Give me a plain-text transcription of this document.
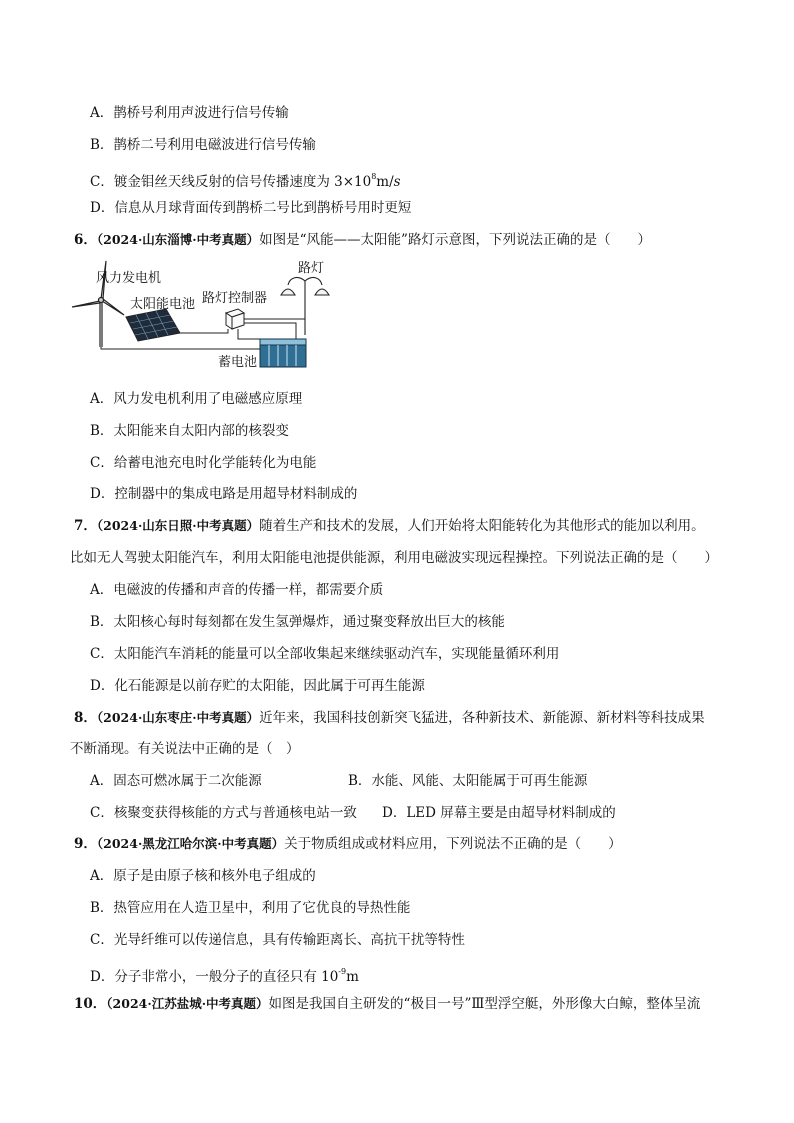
A．鹊桥号利用声波进行信号传输
B．鹊桥二号利用电磁波进行信号传输
C．镀金钼丝天线反射的信号传播速度为 $3\times 10^8m/s$
D．信息从月球背面传到鹊桥二号比到鹊桥号用时更短
6．（2024·山东淄博·中考真题）如图是“风能——太阳能”路灯示意图，下列说法正确的是（　　）
风力发电机
太阳能电池 路灯控制器
路灯
蓄电池
A．风力发电机利用了电磁感应原理
B．太阳能来自太阳内部的核裂变
C．给蓄电池充电时化学能转化为电能
D．控制器中的集成电路是用超导材料制成的
7．（2024·山东日照·中考真题）随着生产和技术的发展，人们开始将太阳能转化为其他形式的能加以利用。
比如无人驾驶太阳能汽车，利用太阳能电池提供能源，利用电磁波实现远程操控。下列说法正确的是（　　）
A．电磁波的传播和声音的传播一样，都需要介质
B．太阳核心每时每刻都在发生氢弹爆炸，通过聚变释放出巨大的核能
C．太阳能汽车消耗的能量可以全部收集起来继续驱动汽车，实现能量循环利用
D．化石能源是以前存贮的太阳能，因此属于可再生能源
8．（2024·山东枣庄·中考真题）近年来，我国科技创新突飞猛进，各种新技术、新能源、新材料等科技成果
不断涌现。有关说法中正确的是（　）
A．固态可燃冰属于二次能源	B．水能、风能、太阳能属于可再生能源
C．核聚变获得核能的方式与普通核电站一致 D．LED 屏幕主要是由超导材料制成的
9．（2024·黑龙江哈尔滨·中考真题）关于物质组成或材料应用，下列说法不正确的是（　　）
A．原子是由原子核和核外电子组成的
B．热管应用在人造卫星中，利用了它优良的导热性能
C．光导纤维可以传递信息，具有传输距离长、高抗干扰等特性
D．分子非常小，一般分子的直径只有 $10^{-9}m$
10．（2024·江苏盐城·中考真题）如图是我国自主研发的“极目一号”Ⅲ型浮空艇，外形像大白鲸，整体呈流
